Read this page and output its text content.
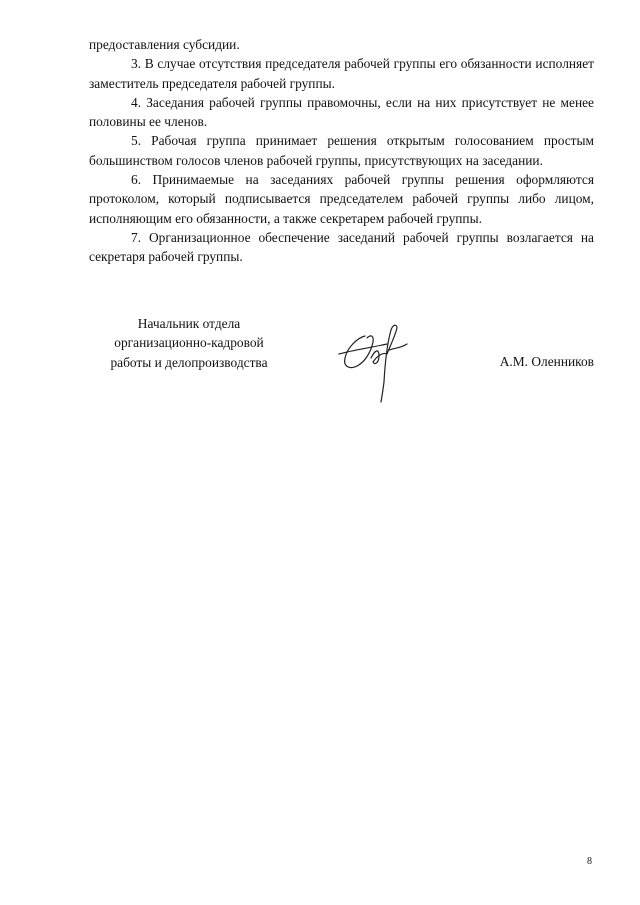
предоставления субсидии.

3. В случае отсутствия председателя рабочей группы его обязанности исполняет заместитель председателя рабочей группы.

4. Заседания рабочей группы правомочны, если на них присутствует не менее половины ее членов.

5. Рабочая группа принимает решения открытым голосованием простым большинством голосов членов рабочей группы, присутствующих на заседании.

6. Принимаемые на заседаниях рабочей группы решения оформляются протоколом, который подписывается председателем рабочей группы либо лицом, исполняющим его обязанности, а также секретарем рабочей группы.

7. Организационное обеспечение заседаний рабочей группы возлагается на секретаря рабочей группы.

Начальник отдела
организационно-кадровой
работы и делопроизводства	А.М. Оленников
8
